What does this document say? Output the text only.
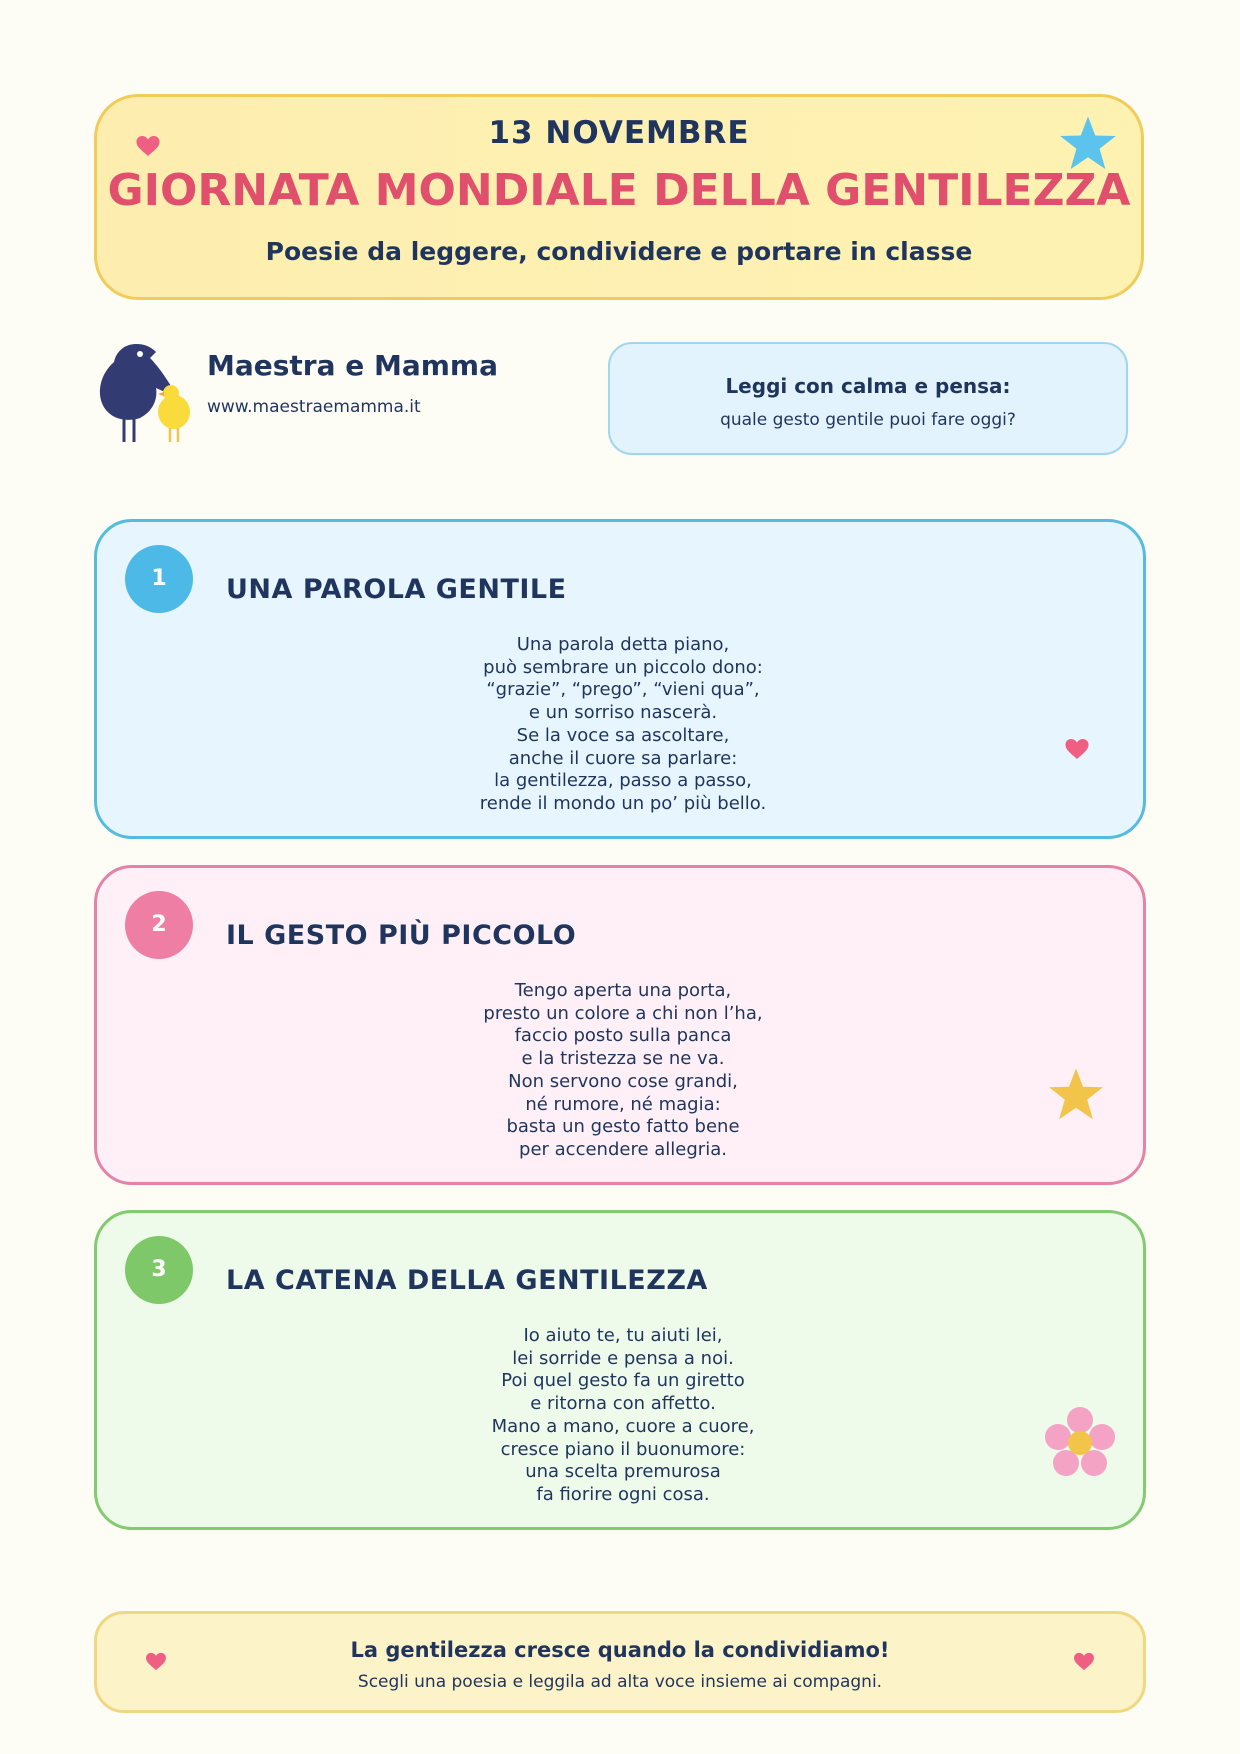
13 NOVEMBRE
GIORNATA MONDIALE DELLA GENTILEZZA
Poesie da leggere, condividere e portare in classe
Maestra e Mamma
www.maestraemamma.it
Leggi con calma e pensa:
quale gesto gentile puoi fare oggi?
1	UNA PAROLA GENTILE
Una parola detta piano,
può sembrare un piccolo dono:
“grazie”, “prego”, “vieni qua”,
e un sorriso nascerà.
Se la voce sa ascoltare,
anche il cuore sa parlare:
la gentilezza, passo a passo,
rende il mondo un po’ più bello.
2	IL GESTO PIÙ PICCOLO
Tengo aperta una porta,
presto un colore a chi non l’ha,
faccio posto sulla panca
e la tristezza se ne va.
Non servono cose grandi,
né rumore, né magia:
basta un gesto fatto bene
per accendere allegria.
3	LA CATENA DELLA GENTILEZZA
Io aiuto te, tu aiuti lei,
lei sorride e pensa a noi.
Poi quel gesto fa un giretto
e ritorna con affetto.
Mano a mano, cuore a cuore,
cresce piano il buonumore:
una scelta premurosa
fa fiorire ogni cosa.
La gentilezza cresce quando la condividiamo!
Scegli una poesia e leggila ad alta voce insieme ai compagni.
